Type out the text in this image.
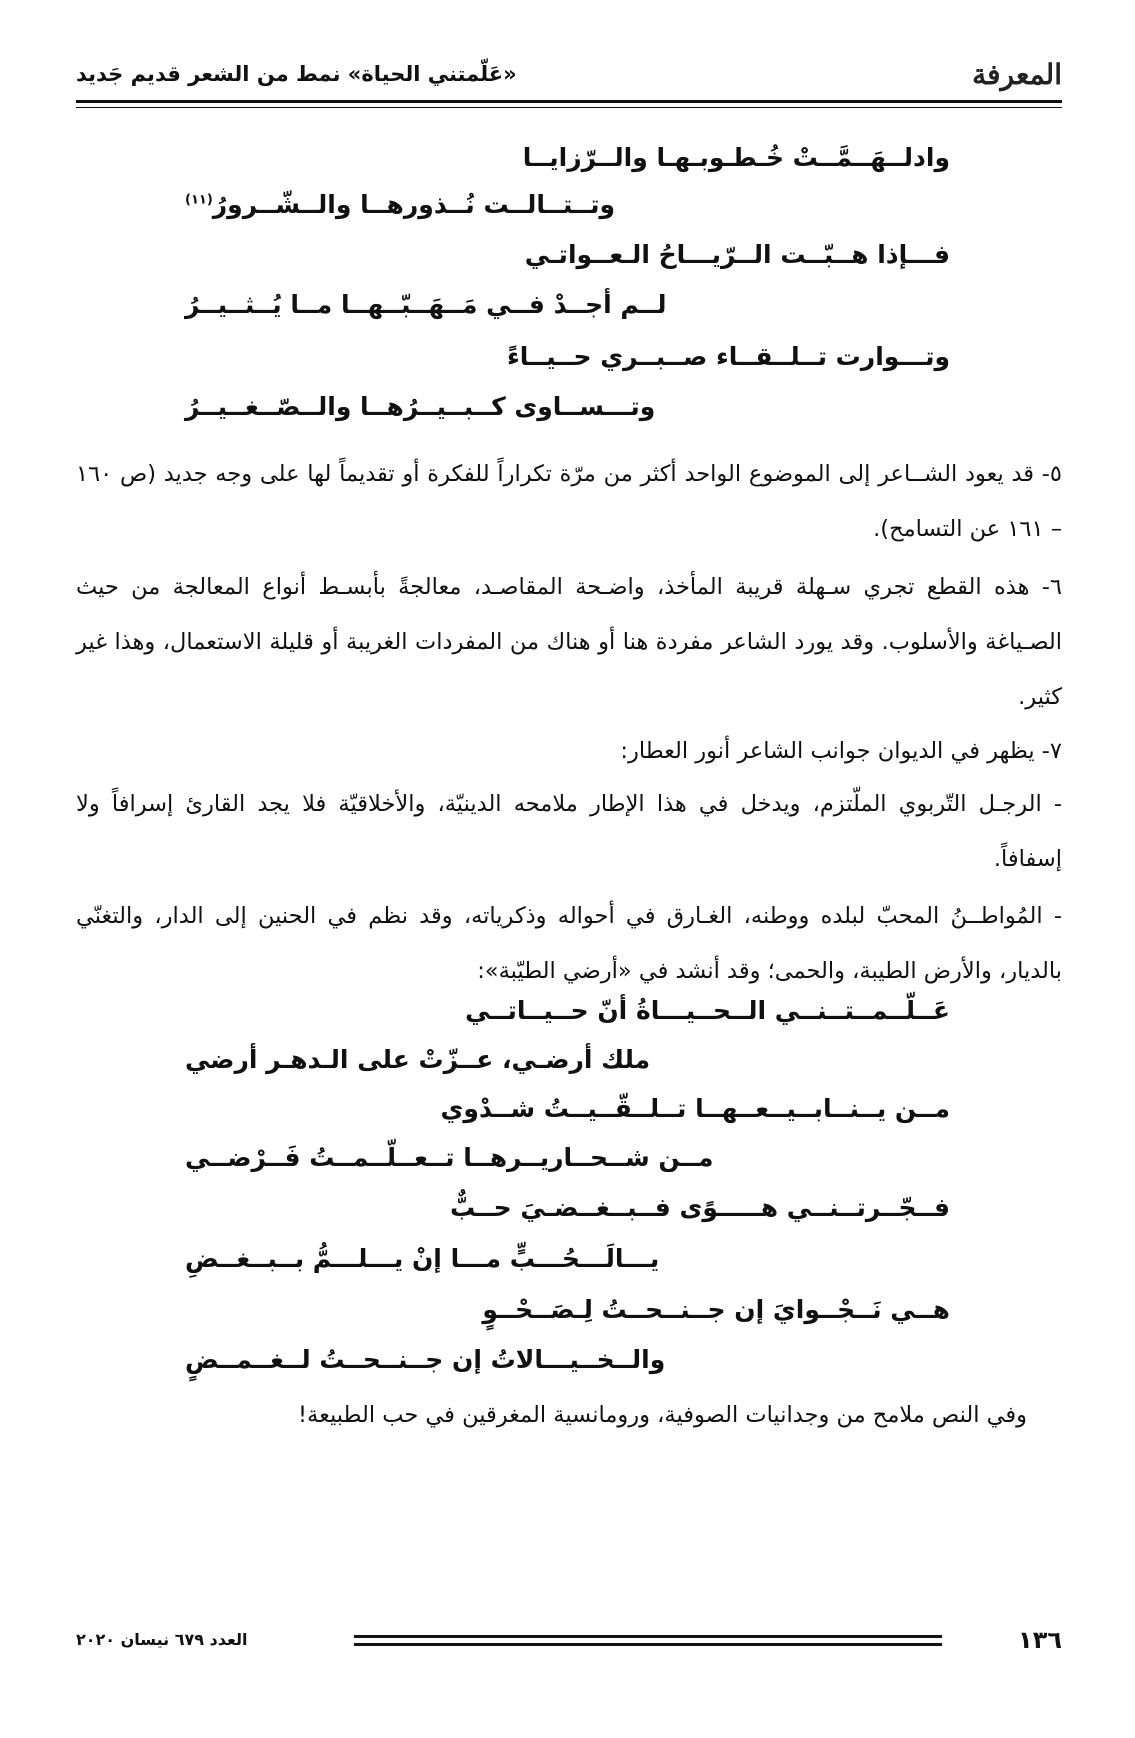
المعرفة
«عَلّمتني الحياة» نمط من الشعر قديم جَديد
وادلــهَــمَّــتْ خُـطـوبـهـا والــرّزايــا
وتــتــالــت نُــذورهــا والــشّــرورُ$^{(١١)}$
فـــإذا هــبّــت الــرّيـــاحُ الـعــواتـي
لــم أجــدْ فــي مَــهَــبّــهــا مــا يُــثــيــرُ
وتـــوارت تــلــقــاء صــبــري حــيــاءً
وتـــســاوى كــبــيــرُهــا والــصّــغــيــرُ
٥- قد يعود الشــاعر إلى الموضوع الواحد أكثر من مرّة تكراراً للفكرة أو تقديماً لها على وجه جديد (ص ١٦٠ – ١٦١ عن التسامح).
٦- هذه القطع تجري سـهلة قريبة المأخذ، واضـحة المقاصـد، معالجةً بأبسـط أنواع المعالجة من حيث الصـياغة والأسلوب. وقد يورد الشاعر مفردة هنا أو هناك من المفردات الغريبة أو قليلة الاستعمال، وهذا غير كثير.
٧- يظهر في الديوان جوانب الشاعر أنور العطار:
- الرجـل التّربوي الملّتزم، ويدخل في هذا الإطار ملامحه الدينيّة، والأخلاقيّة فلا يجد القارئ إسرافاً ولا إسفافاً.
- المُواطــنُ المحبّ لبلده ووطنه، الغـارق في أحواله وذكرياته، وقد نظم في الحنين إلى الدار، والتغنّي بالديار، والأرض الطيبة، والحمى؛ وقد أنشد في «أرضي الطيّبة»:
عَــلّــمــتــنــي الــحــيـــاةُ أنّ حــيــاتــي
ملك أرضـي، عــزّتْ على الـدهـر أرضي
مــن يــنــابــيــعــهــا تــلــقّــيــتُ شــدْوي
مــن شــحــاريــرهــا تــعــلّــمــتُ فَــرْضــي
فــجّــرتــنــي هـــــوًى فــبــغــضـيَ حــبٌّ
يـــالَـــحُـــبٍّ مـــا إنْ يـــلـــمُّ بــبــغــضِ
هــي نَــجْــوايَ إن جــنــحــتُ لِـصَــحْــوٍ
والــخــيـــالاتُ إن جــنــحــتُ لــغــمــضٍ
وفي النص ملامح من وجدانيات الصوفية، ورومانسية المغرقين في حب الطبيعة!
١٣٦
العدد ٦٧٩ نيسان ٢٠٢٠
